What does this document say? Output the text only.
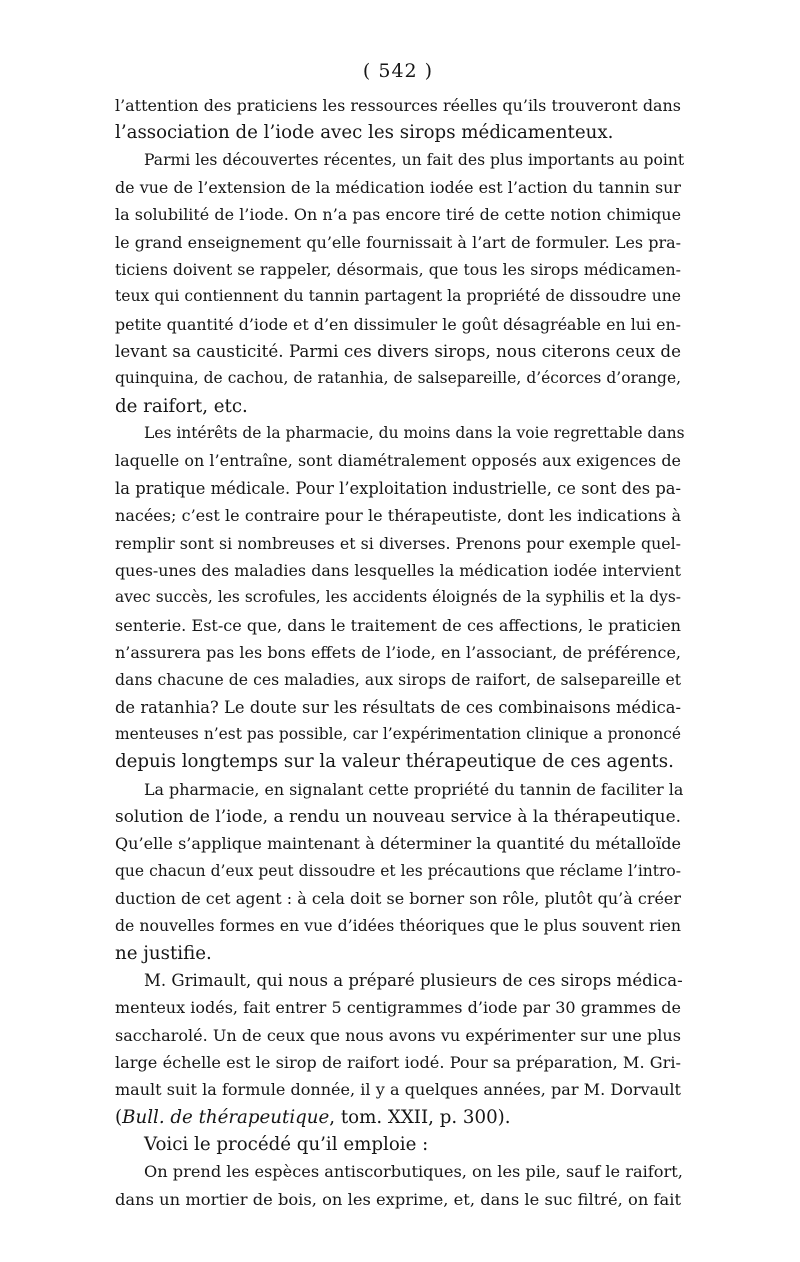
( 542 )
l’attention des praticiens les ressources réelles qu’ils trouveront dans
l’association de l’iode avec les sirops médicamenteux.
Parmi les découvertes récentes, un fait des plus importants au point
de vue de l’extension de la médication iodée est l’action du tannin sur
la solubilité de l’iode. On n’a pas encore tiré de cette notion chimique
le grand enseignement qu’elle fournissait à l’art de formuler. Les pra-
ticiens doivent se rappeler, désormais, que tous les sirops médicamen-
teux qui contiennent du tannin partagent la propriété de dissoudre une
petite quantité d’iode et d’en dissimuler le goût désagréable en lui en-
levant sa causticité. Parmi ces divers sirops, nous citerons ceux de
quinquina, de cachou, de ratanhia, de salsepareille, d’écorces d’orange,
de raifort, etc.
Les intérêts de la pharmacie, du moins dans la voie regrettable dans
laquelle on l’entraîne, sont diamétralement opposés aux exigences de
la pratique médicale. Pour l’exploitation industrielle, ce sont des pa-
nacées; c’est le contraire pour le thérapeutiste, dont les indications à
remplir sont si nombreuses et si diverses. Prenons pour exemple quel-
ques-unes des maladies dans lesquelles la médication iodée intervient
avec succès, les scrofules, les accidents éloignés de la syphilis et la dys-
senterie. Est-ce que, dans le traitement de ces affections, le praticien
n’assurera pas les bons effets de l’iode, en l’associant, de préférence,
dans chacune de ces maladies, aux sirops de raifort, de salsepareille et
de ratanhia? Le doute sur les résultats de ces combinaisons médica-
menteuses n’est pas possible, car l’expérimentation clinique a prononcé
depuis longtemps sur la valeur thérapeutique de ces agents.
La pharmacie, en signalant cette propriété du tannin de faciliter la
solution de l’iode, a rendu un nouveau service à la thérapeutique.
Qu’elle s’applique maintenant à déterminer la quantité du métalloïde
que chacun d’eux peut dissoudre et les précautions que réclame l’intro-
duction de cet agent : à cela doit se borner son rôle, plutôt qu’à créer
de nouvelles formes en vue d’idées théoriques que le plus souvent rien
ne justifie.
M. Grimault, qui nous a préparé plusieurs de ces sirops médica-
menteux iodés, fait entrer 5 centigrammes d’iode par 30 grammes de
saccharolé. Un de ceux que nous avons vu expérimenter sur une plus
large échelle est le sirop de raifort iodé. Pour sa préparation, M. Gri-
mault suit la formule donnée, il y a quelques années, par M. Dorvault
(Bull. de thérapeutique, tom. XXII, p. 300).
Voici le procédé qu’il emploie :
On prend les espèces antiscorbutiques, on les pile, sauf le raifort,
dans un mortier de bois, on les exprime, et, dans le suc filtré, on fait
